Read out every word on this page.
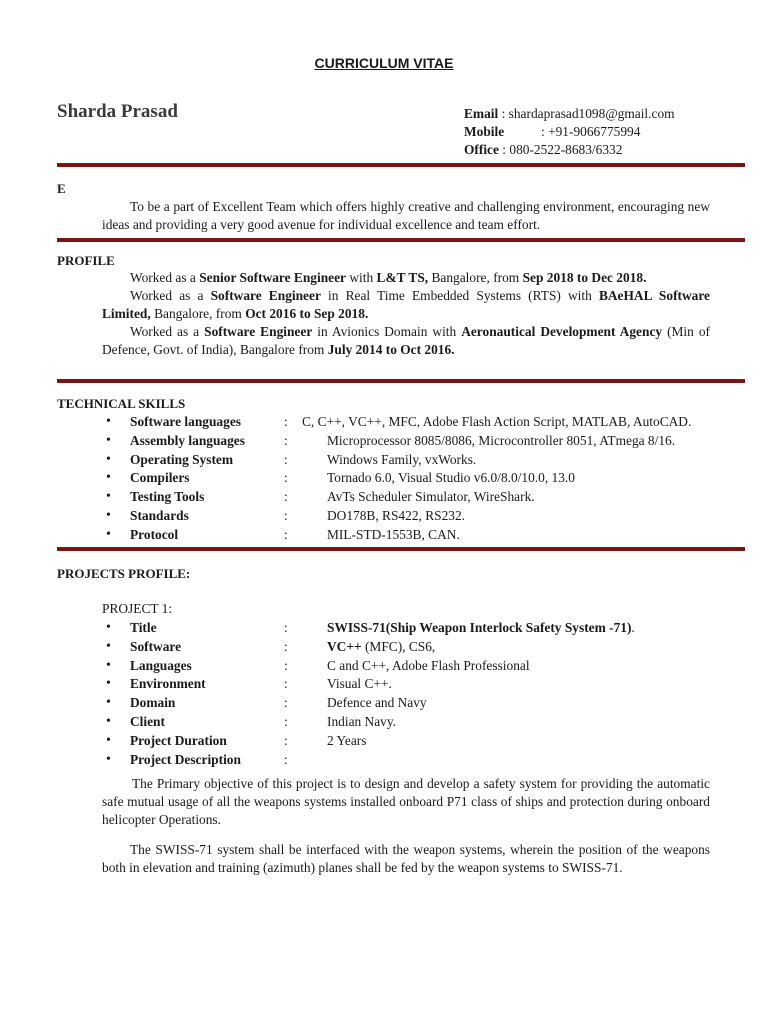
CURRICULUM VITAE
Sharda Prasad	Email : shardaprasad1098@gmail.com
Mobile           : +91-9066775994
Office : 080-2522-8683/6332
E
To be a part of Excellent Team which offers highly creative and challenging environment, encouraging new ideas and providing a very good avenue for individual excellence and team effort.
PROFILE
Worked as a Senior Software Engineer with L&T TS, Bangalore, from Sep 2018 to Dec 2018.
Worked as a Software Engineer in Real Time Embedded Systems (RTS) with BAeHAL Software Limited, Bangalore, from Oct 2016 to Sep 2018.
Worked as a Software Engineer in Avionics Domain with Aeronautical Development Agency (Min of Defence, Govt. of India), Bangalore from July 2014 to Oct 2016.
TECHNICAL SKILLS
• Software languages	: C, C++, VC++, MFC, Adobe Flash Action Script, MATLAB, AutoCAD.
• Assembly languages	:	Microprocessor 8085/8086, Microcontroller 8051, ATmega 8/16.
• Operating System	:	Windows Family, vxWorks.
• Compilers	:	Tornado 6.0, Visual Studio v6.0/8.0/10.0, 13.0
• Testing Tools	:	AvTs Scheduler Simulator, WireShark.
• Standards	:	DO178B, RS422, RS232.
• Protocol	:	MIL-STD-1553B, CAN.
PROJECTS PROFILE:
PROJECT 1:
• Title	:	SWISS-71(Ship Weapon Interlock Safety System -71).
• Software	:	VC++ (MFC), CS6,
• Languages	:	C and C++, Adobe Flash Professional
• Environment	:	Visual C++.
• Domain	:	Defence and Navy
• Client	:	Indian Navy.
• Project Duration	:	2 Years
• Project Description	:
The Primary objective of this project is to design and develop a safety system for providing the automatic safe mutual usage of all the weapons systems installed onboard P71 class of ships and protection during onboard helicopter Operations.
The SWISS-71 system shall be interfaced with the weapon systems, wherein the position of the weapons both in elevation and training (azimuth) planes shall be fed by the weapon systems to SWISS-71.
